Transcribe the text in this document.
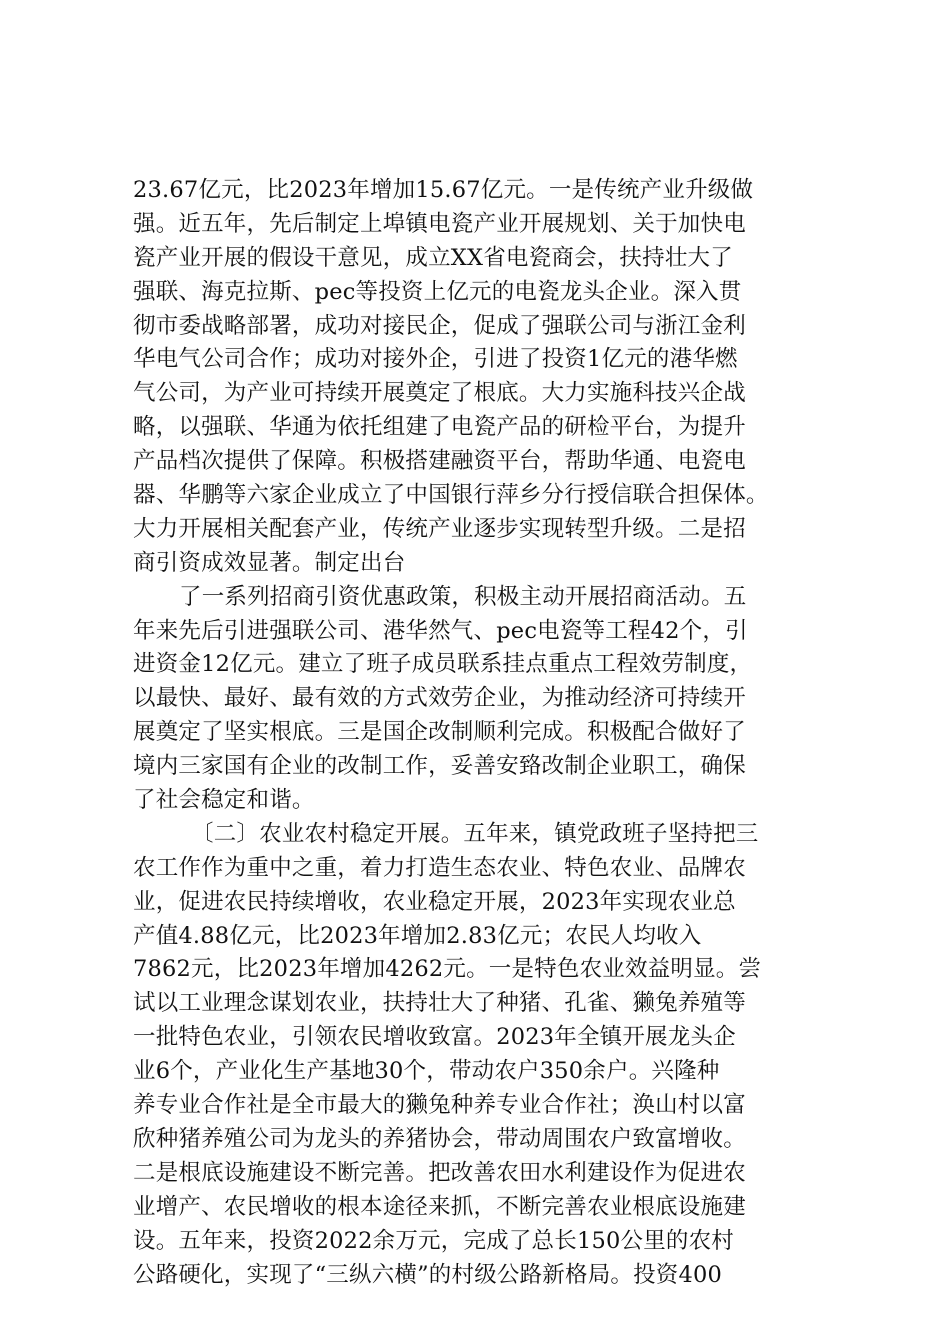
23.67亿元，比2023年增加15.67亿元。一是传统产业升级做
强。近五年，先后制定上埠镇电瓷产业开展规划、关于加快电
瓷产业开展的假设干意见，成立XX省电瓷商会，扶持壮大了
强联、海克拉斯、pec等投资上亿元的电瓷龙头企业。深入贯
彻市委战略部署，成功对接民企，促成了强联公司与浙江金利
华电气公司合作；成功对接外企，引进了投资1亿元的港华燃
气公司，为产业可持续开展奠定了根底。大力实施科技兴企战
略，以强联、华通为依托组建了电瓷产品的研检平台，为提升
产品档次提供了保障。积极搭建融资平台，帮助华通、电瓷电
器、华鹏等六家企业成立了中国银行萍乡分行授信联合担保体。
大力开展相关配套产业，传统产业逐步实现转型升级。二是招
商引资成效显著。制定出台
了一系列招商引资优惠政策，积极主动开展招商活动。五
年来先后引进强联公司、港华然气、pec电瓷等工程42个，引
进资金12亿元。建立了班子成员联系挂点重点工程效劳制度，
以最快、最好、最有效的方式效劳企业，为推动经济可持续开
展奠定了坚实根底。三是国企改制顺利完成。积极配合做好了
境内三家国有企业的改制工作，妥善安臵改制企业职工，确保
了社会稳定和谐。
〔二〕农业农村稳定开展。五年来，镇党政班子坚持把三
农工作作为重中之重，着力打造生态农业、特色农业、品牌农
业，促进农民持续增收，农业稳定开展，2023年实现农业总
产值4.88亿元，比2023年增加2.83亿元；农民人均收入
7862元，比2023年增加4262元。一是特色农业效益明显。尝
试以工业理念谋划农业，扶持壮大了种猪、孔雀、獭兔养殖等
一批特色农业，引领农民增收致富。2023年全镇开展龙头企
业6个，产业化生产基地30个，带动农户350余户。兴隆种
养专业合作社是全市最大的獭兔种养专业合作社；涣山村以富
欣种猪养殖公司为龙头的养猪协会，带动周围农户致富增收。
二是根底设施建设不断完善。把改善农田水利建设作为促进农
业增产、农民增收的根本途径来抓，不断完善农业根底设施建
设。五年来，投资2022余万元，完成了总长150公里的农村
公路硬化，实现了“三纵六横”的村级公路新格局。投资400
